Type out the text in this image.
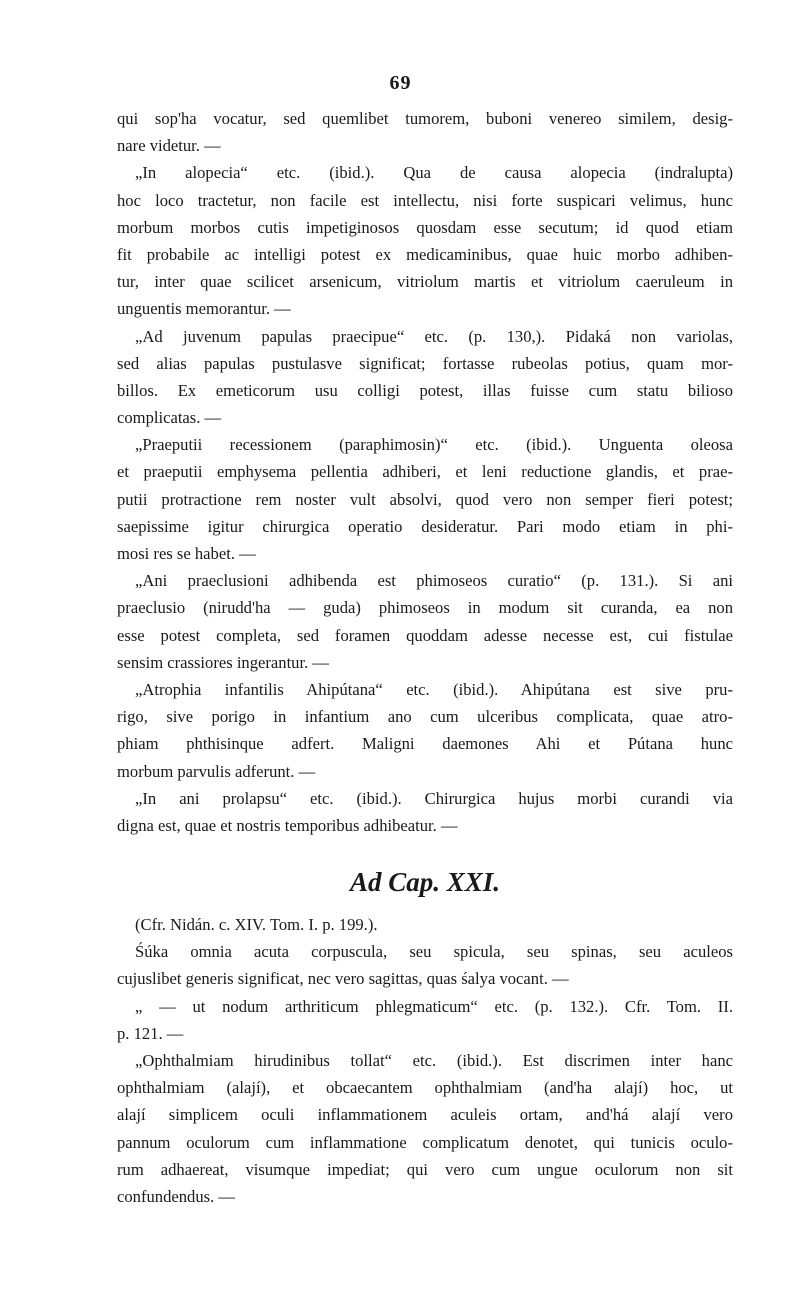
69
qui sop'ha vocatur, sed quemlibet tumorem, buboni venereo similem, desig-
nare videtur. —
„In alopecia“ etc. (ibid.). Qua de causa alopecia (indralupta)
hoc loco tractetur, non facile est intellectu, nisi forte suspicari velimus, hunc
morbum morbos cutis impetiginosos quosdam esse secutum; id quod etiam
fit probabile ac intelligi potest ex medicaminibus, quae huic morbo adhiben-
tur, inter quae scilicet arsenicum, vitriolum martis et vitriolum caeruleum in
unguentis memorantur. —
„Ad juvenum papulas praecipue“ etc. (p. 130,). Pidaká non variolas,
sed alias papulas pustulasve significat; fortasse rubeolas potius, quam mor-
billos. Ex emeticorum usu colligi potest, illas fuisse cum statu bilioso
complicatas. —
„Praeputii recessionem (paraphimosin)“ etc. (ibid.). Unguenta oleosa
et praeputii emphysema pellentia adhiberi, et leni reductione glandis, et prae-
putii protractione rem noster vult absolvi, quod vero non semper fieri potest;
saepissime igitur chirurgica operatio desideratur. Pari modo etiam in phi-
mosi res se habet. —
„Ani praeclusioni adhibenda est phimoseos curatio“ (p. 131.). Si ani
praeclusio (nirudd'ha — guda) phimoseos in modum sit curanda, ea non
esse potest completa, sed foramen quoddam adesse necesse est, cui fistulae
sensim crassiores ingerantur. —
„Atrophia infantilis Ahipútana“ etc. (ibid.). Ahipútana est sive pru-
rigo, sive porigo in infantium ano cum ulceribus complicata, quae atro-
phiam phthisinque adfert. Maligni daemones Ahi et Pútana hunc
morbum parvulis adferunt. —
„In ani prolapsu“ etc. (ibid.). Chirurgica hujus morbi curandi via
digna est, quae et nostris temporibus adhibeatur. —
Ad Cap. XXI.
(Cfr. Nidán. c. XIV. Tom. I. p. 199.).
Śúka omnia acuta corpuscula, seu spicula, seu spinas, seu aculeos
cujuslibet generis significat, nec vero sagittas, quas śalya vocant. —
„ — ut nodum arthriticum phlegmaticum“ etc. (p. 132.). Cfr. Tom. II.
p. 121. —
„Ophthalmiam hirudinibus tollat“ etc. (ibid.). Est discrimen inter hanc
ophthalmiam (alají), et obcaecantem ophthalmiam (and'ha alají) hoc, ut
alají simplicem oculi inflammationem aculeis ortam, and'há alají vero
pannum oculorum cum inflammatione complicatum denotet, qui tunicis oculo-
rum adhaereat, visumque impediat; qui vero cum ungue oculorum non sit
confundendus. —
